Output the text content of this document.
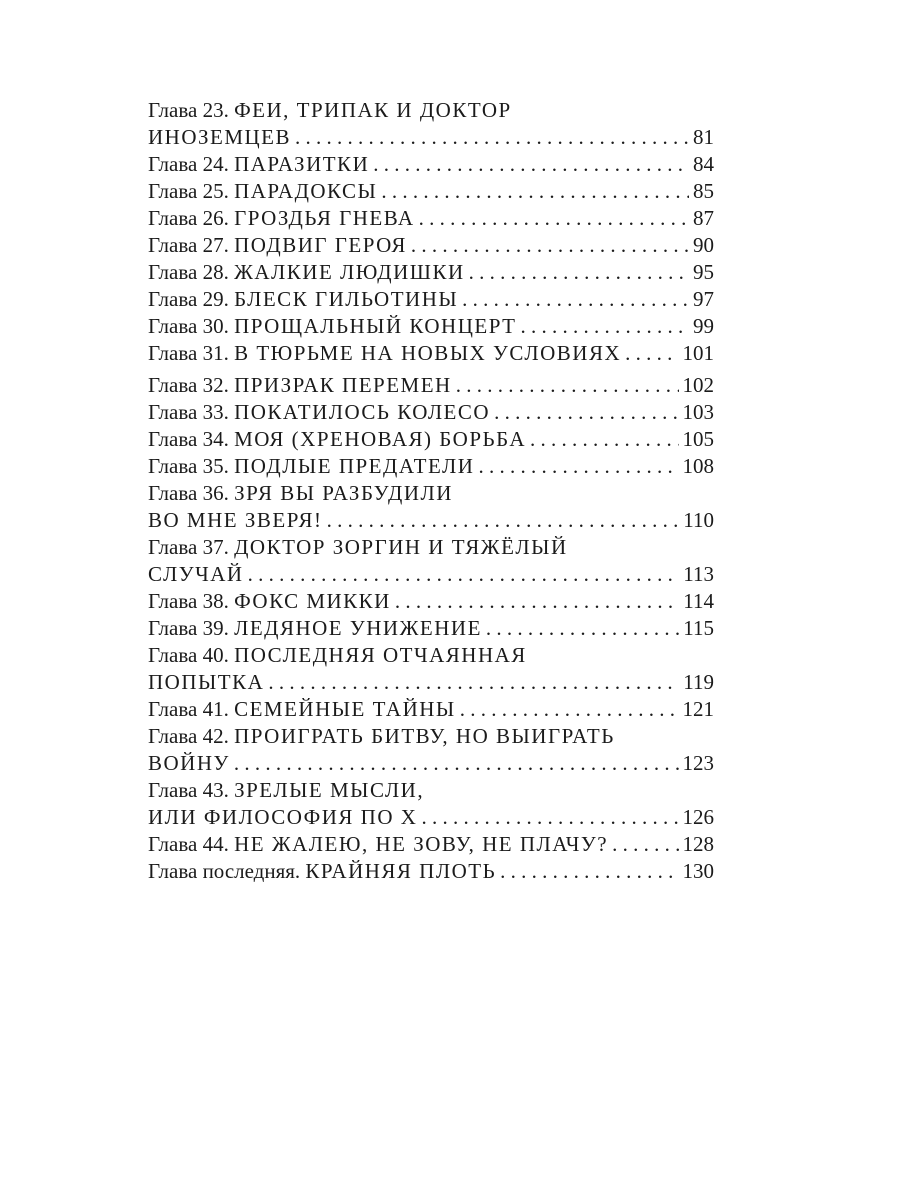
Глава 23. ФЕИ, ТРИПАК И ДОКТОР
ИНОЗЕМЦЕВ . . .	81
Глава 24. ПАРАЗИТКИ . . .	84
Глава 25. ПАРАДОКСЫ . . .	85
Глава 26. ГРОЗДЬЯ ГНЕВА . . .	87
Глава 27. ПОДВИГ ГЕРОЯ . . .	90
Глава 28. ЖАЛКИЕ ЛЮДИШКИ . . .	95
Глава 29. БЛЕСК ГИЛЬОТИНЫ . . .	97
Глава 30. ПРОЩАЛЬНЫЙ КОНЦЕРТ . . .	99
Глава 31. В ТЮРЬМЕ НА НОВЫХ УСЛОВИЯХ . . .	101
Глава 32. ПРИЗРАК ПЕРЕМЕН . . .	102
Глава 33. ПОКАТИЛОСЬ КОЛЕСО . . .	103
Глава 34. МОЯ (ХРЕНОВАЯ) БОРЬБА . . .	105
Глава 35. ПОДЛЫЕ ПРЕДАТЕЛИ . . .	108
Глава 36. ЗРЯ ВЫ РАЗБУДИЛИ
ВО МНЕ ЗВЕРЯ! . . .	110
Глава 37. ДОКТОР ЗОРГИН И ТЯЖЁЛЫЙ
СЛУЧАЙ . . .	113
Глава 38. ФОКС МИККИ . . .	114
Глава 39. ЛЕДЯНОЕ УНИЖЕНИЕ . . .	115
Глава 40. ПОСЛЕДНЯЯ ОТЧАЯННАЯ
ПОПЫТКА . . .	119
Глава 41. СЕМЕЙНЫЕ ТАЙНЫ . . .	121
Глава 42. ПРОИГРАТЬ БИТВУ, НО ВЫИГРАТЬ
ВОЙНУ . . .	123
Глава 43. ЗРЕЛЫЕ МЫСЛИ,
ИЛИ ФИЛОСОФИЯ ПО Х . . .	126
Глава 44. НЕ ЖАЛЕЮ, НЕ ЗОВУ, НЕ ПЛАЧУ? . . .	128
Глава последняя. КРАЙНЯЯ ПЛОТЬ . . .	130
